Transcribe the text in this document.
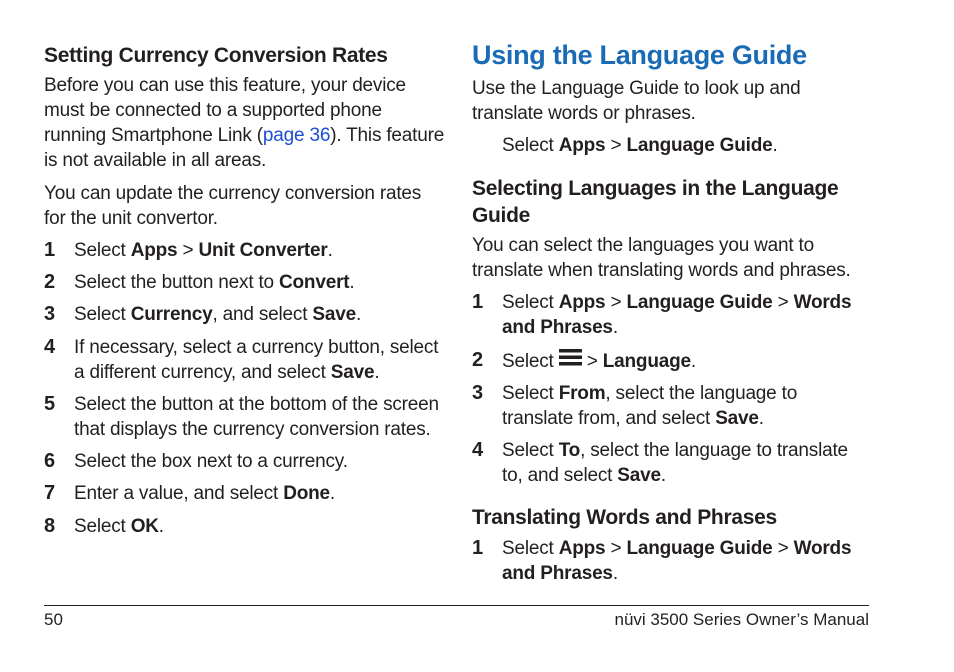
Setting Currency Conversion Rates
Before you can use this feature, your device
must be connected to a supported phone
running Smartphone Link (page 36). This feature
is not available in all areas.
You can update the currency conversion rates
for the unit convertor.
1 Select Apps > Unit Converter.
2 Select the button next to Convert.
3 Select Currency, and select Save.
4 If necessary, select a currency button, select
a different currency, and select Save.
5 Select the button at the bottom of the screen
that displays the currency conversion rates.
6 Select the box next to a currency.
7 Enter a value, and select Done.
8 Select OK.
Using the Language Guide
Use the Language Guide to look up and
translate words or phrases.
Select Apps > Language Guide.
Selecting Languages in the Language
Guide
You can select the languages you want to
translate when translating words and phrases.
1 Select Apps > Language Guide > Words
and Phrases.
2 Select  > Language.
3 Select From, select the language to
translate from, and select Save.
4 Select To, select the language to translate
to, and select Save.
Translating Words and Phrases
1 Select Apps > Language Guide > Words
and Phrases.
50	nüvi 3500 Series Owner’s Manual
